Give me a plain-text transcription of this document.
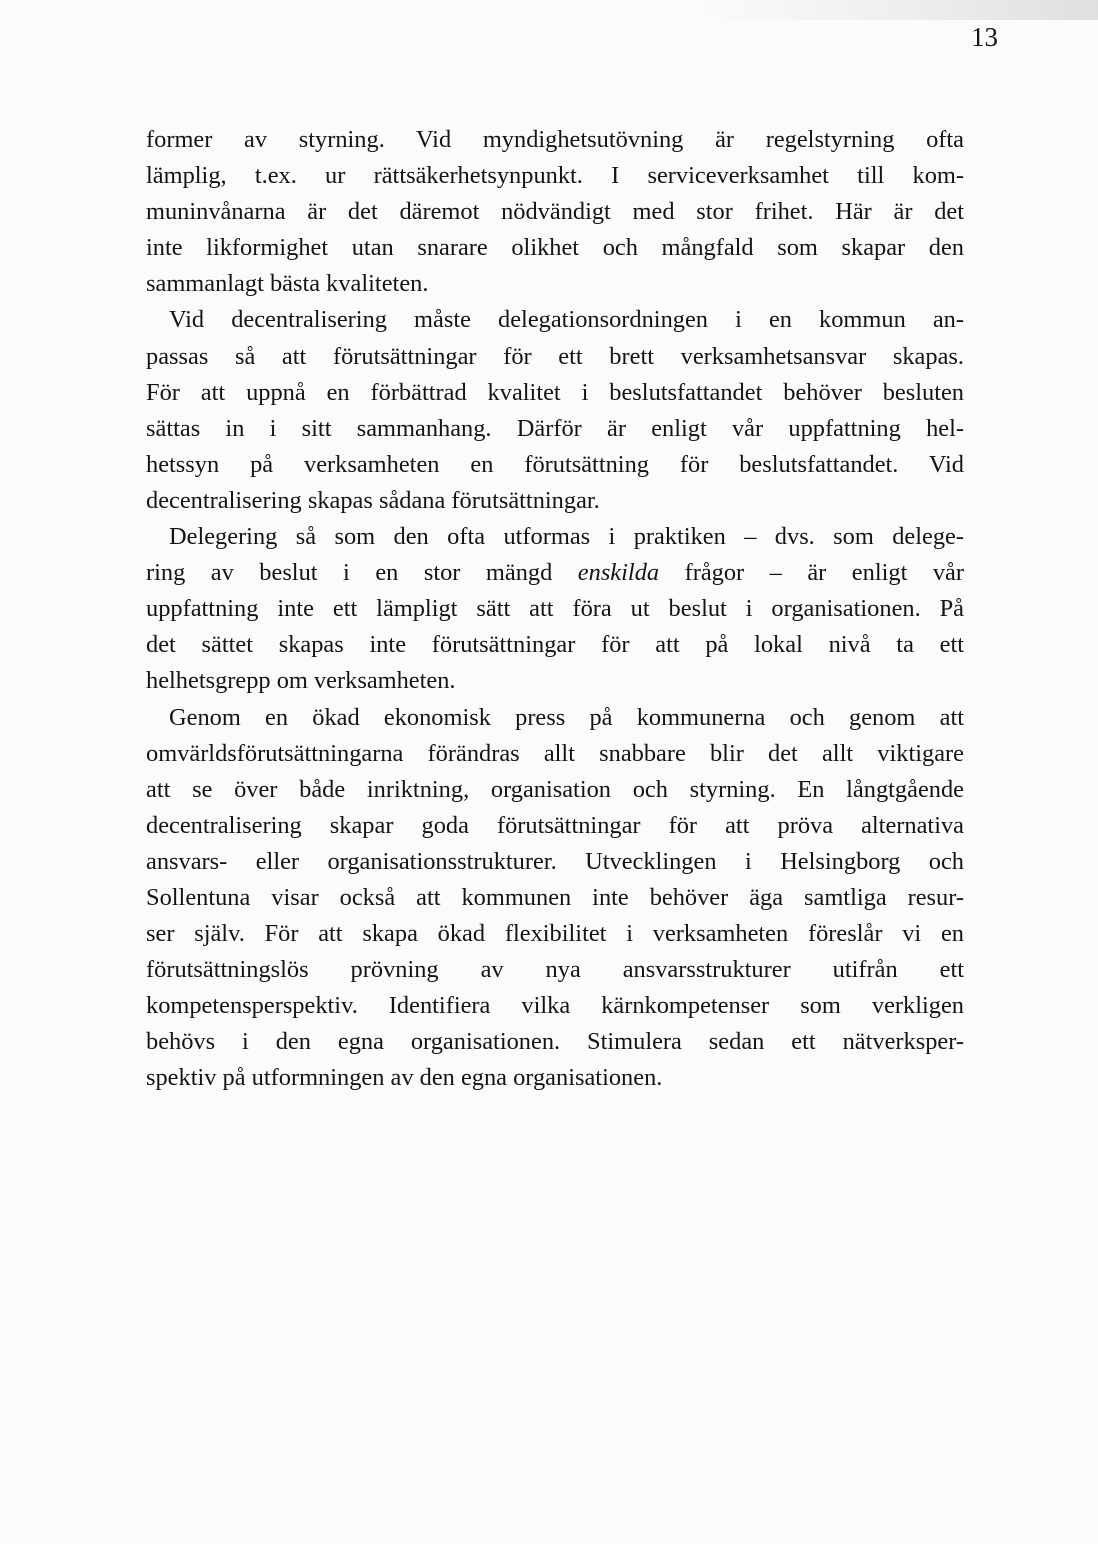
13
former av styrning. Vid myndighetsutövning är regelstyrning ofta
lämplig, t.ex. ur rättsäkerhetsynpunkt. I serviceverksamhet till kom-
muninvånarna är det däremot nödvändigt med stor frihet. Här är det
inte likformighet utan snarare olikhet och mångfald som skapar den
sammanlagt bästa kvaliteten.
Vid decentralisering måste delegationsordningen i en kommun an-
passas så att förutsättningar för ett brett verksamhetsansvar skapas.
För att uppnå en förbättrad kvalitet i beslutsfattandet behöver besluten
sättas in i sitt sammanhang. Därför är enligt vår uppfattning hel-
hetssyn på verksamheten en förutsättning för beslutsfattandet. Vid
decentralisering skapas sådana förutsättningar.
Delegering så som den ofta utformas i praktiken – dvs. som delege-
ring av beslut i en stor mängd enskilda frågor – är enligt vår
uppfattning inte ett lämpligt sätt att föra ut beslut i organisationen. På
det sättet skapas inte förutsättningar för att på lokal nivå ta ett
helhetsgrepp om verksamheten.
Genom en ökad ekonomisk press på kommunerna och genom att
omvärldsförutsättningarna förändras allt snabbare blir det allt viktigare
att se över både inriktning, organisation och styrning. En långtgående
decentralisering skapar goda förutsättningar för att pröva alternativa
ansvars- eller organisationsstrukturer. Utvecklingen i Helsingborg och
Sollentuna visar också att kommunen inte behöver äga samtliga resur-
ser själv. För att skapa ökad flexibilitet i verksamheten föreslår vi en
förutsättningslös prövning av nya ansvarsstrukturer utifrån ett
kompetensperspektiv. Identifiera vilka kärnkompetenser som verkligen
behövs i den egna organisationen. Stimulera sedan ett nätverksper-
spektiv på utformningen av den egna organisationen.
